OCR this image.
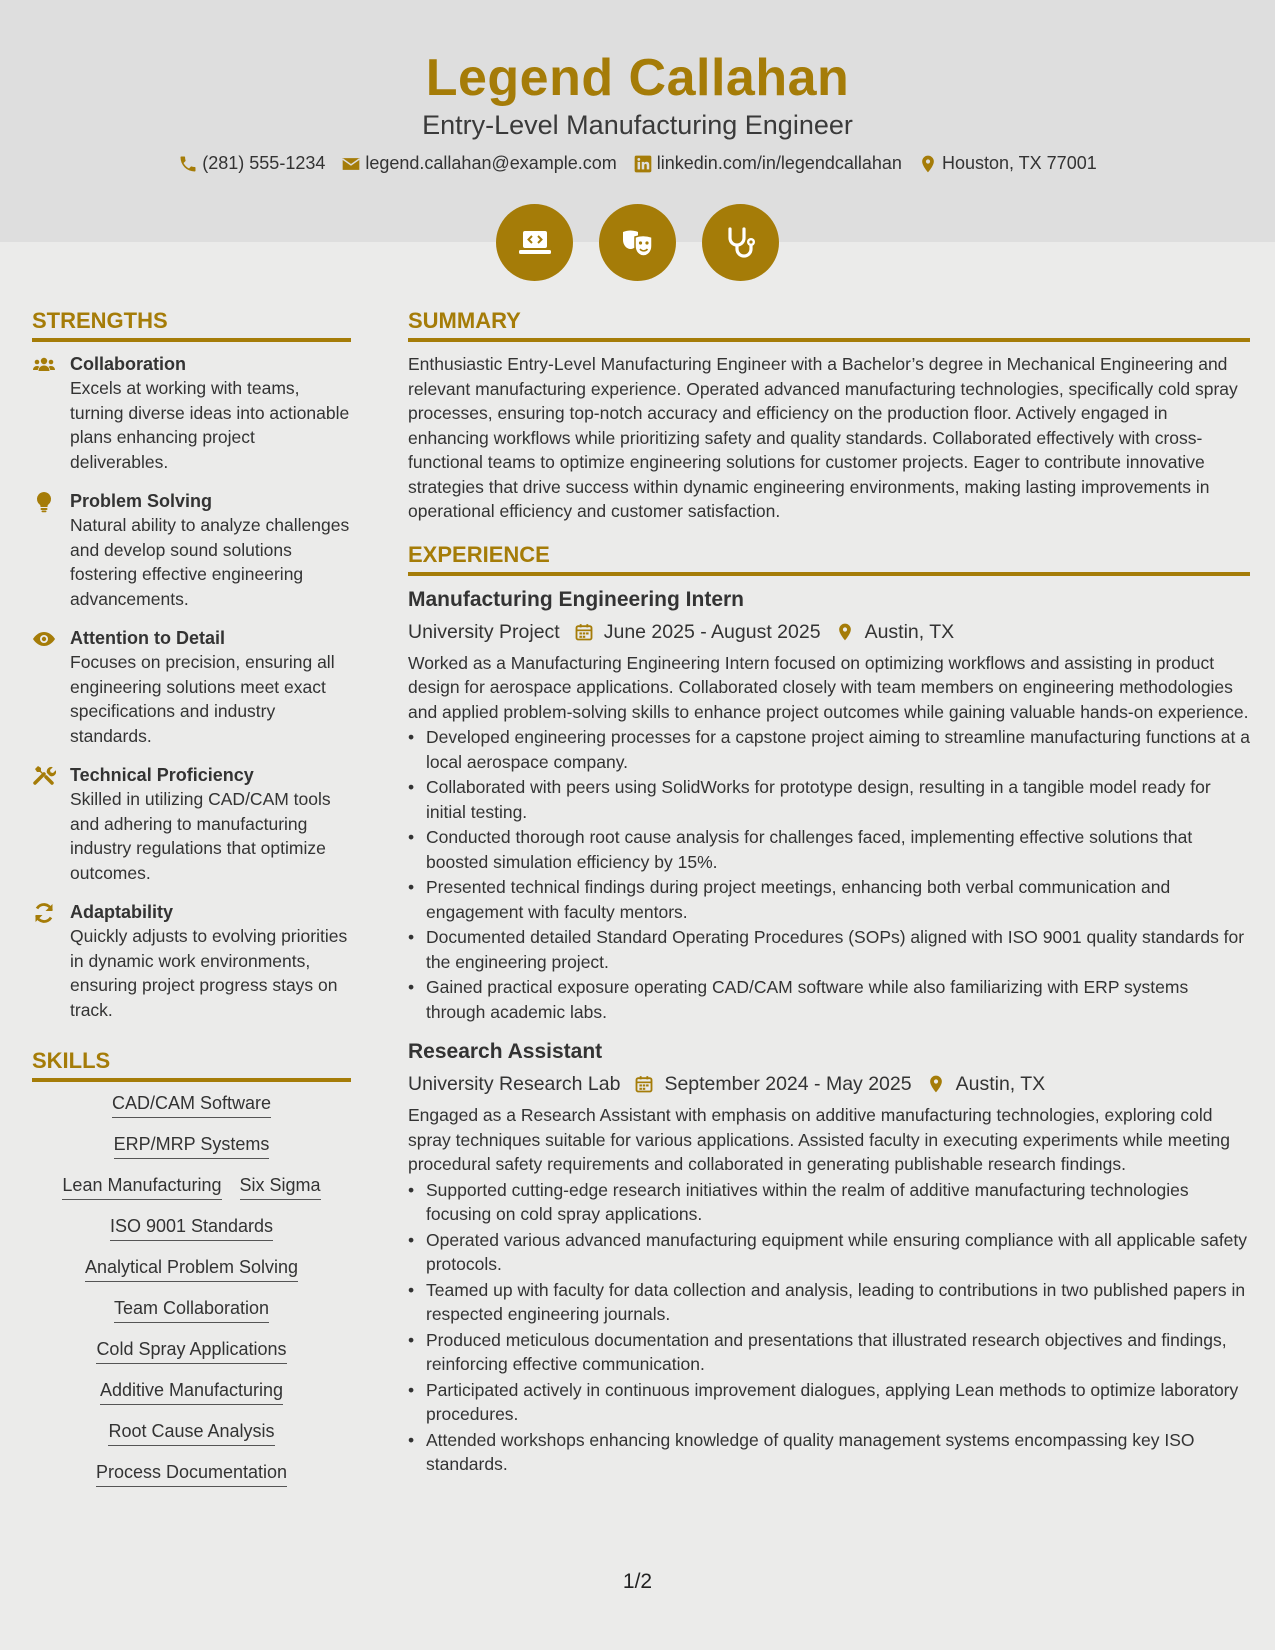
Legend Callahan
Entry-Level Manufacturing Engineer
(281) 555-1234 legend.callahan@example.com linkedin.com/in/legendcallahan Houston, TX 77001
STRENGTHS
Collaboration
Excels at working with teams, turning diverse ideas into actionable plans enhancing project deliverables.
Problem Solving
Natural ability to analyze challenges and develop sound solutions fostering effective engineering advancements.
Attention to Detail
Focuses on precision, ensuring all engineering solutions meet exact specifications and industry standards.
Technical Proficiency
Skilled in utilizing CAD/CAM tools and adhering to manufacturing industry regulations that optimize outcomes.
Adaptability
Quickly adjusts to evolving priorities in dynamic work environments, ensuring project progress stays on track.
SKILLS
CAD/CAM Software
ERP/MRP Systems
Lean Manufacturing Six Sigma
ISO 9001 Standards
Analytical Problem Solving
Team Collaboration
Cold Spray Applications
Additive Manufacturing
Root Cause Analysis
Process Documentation
SUMMARY
Enthusiastic Entry-Level Manufacturing Engineer with a Bachelor’s degree in Mechanical Engineering and relevant manufacturing experience. Operated advanced manufacturing technologies, specifically cold spray processes, ensuring top-notch accuracy and efficiency on the production floor. Actively engaged in enhancing workflows while prioritizing safety and quality standards. Collaborated effectively with cross-functional teams to optimize engineering solutions for customer projects. Eager to contribute innovative strategies that drive success within dynamic engineering environments, making lasting improvements in operational efficiency and customer satisfaction.
EXPERIENCE
Manufacturing Engineering Intern
University Project June 2025 - August 2025 Austin, TX
Worked as a Manufacturing Engineering Intern focused on optimizing workflows and assisting in product design for aerospace applications. Collaborated closely with team members on engineering methodologies and applied problem-solving skills to enhance project outcomes while gaining valuable hands-on experience.
• Developed engineering processes for a capstone project aiming to streamline manufacturing functions at a local aerospace company.
• Collaborated with peers using SolidWorks for prototype design, resulting in a tangible model ready for initial testing.
• Conducted thorough root cause analysis for challenges faced, implementing effective solutions that boosted simulation efficiency by 15%.
• Presented technical findings during project meetings, enhancing both verbal communication and engagement with faculty mentors.
• Documented detailed Standard Operating Procedures (SOPs) aligned with ISO 9001 quality standards for the engineering project.
• Gained practical exposure operating CAD/CAM software while also familiarizing with ERP systems through academic labs.
Research Assistant
University Research Lab September 2024 - May 2025 Austin, TX
Engaged as a Research Assistant with emphasis on additive manufacturing technologies, exploring cold spray techniques suitable for various applications. Assisted faculty in executing experiments while meeting procedural safety requirements and collaborated in generating publishable research findings.
• Supported cutting-edge research initiatives within the realm of additive manufacturing technologies focusing on cold spray applications.
• Operated various advanced manufacturing equipment while ensuring compliance with all applicable safety protocols.
• Teamed up with faculty for data collection and analysis, leading to contributions in two published papers in respected engineering journals.
• Produced meticulous documentation and presentations that illustrated research objectives and findings, reinforcing effective communication.
• Participated actively in continuous improvement dialogues, applying Lean methods to optimize laboratory procedures.
• Attended workshops enhancing knowledge of quality management systems encompassing key ISO standards.
1/2
